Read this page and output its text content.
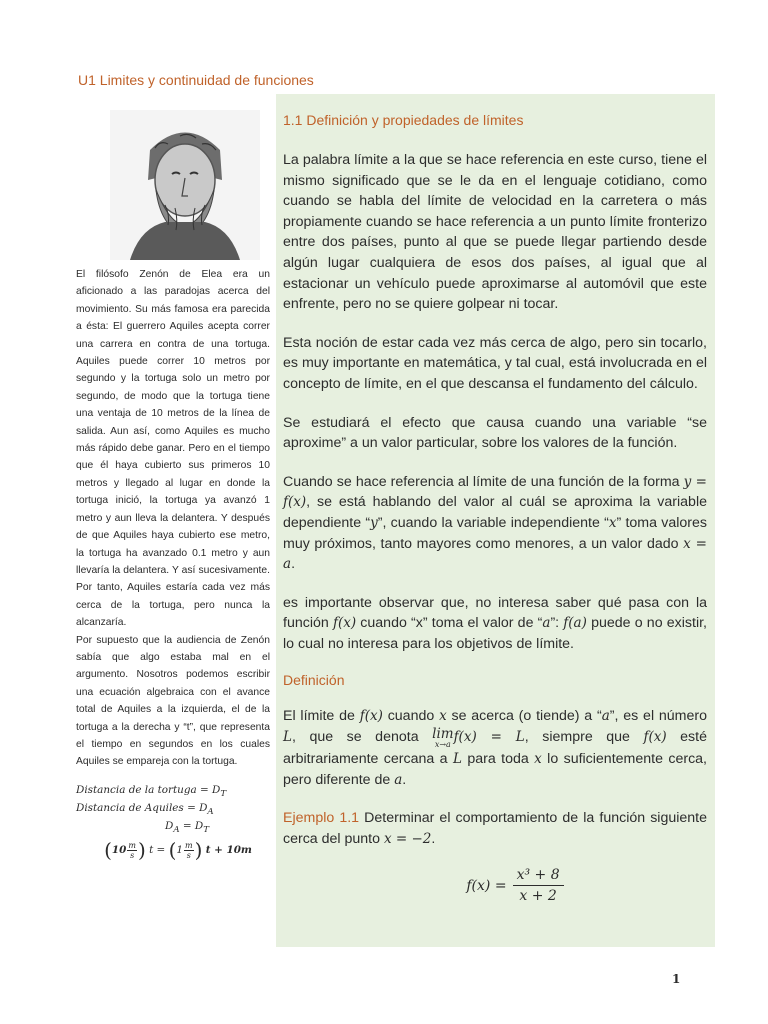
U1 Limites y continuidad de funciones

El filósofo Zenón de Elea era un aficionado a las paradojas acerca del movimiento. Su más famosa era parecida a ésta: El guerrero Aquiles acepta correr una carrera en contra de una tortuga. Aquiles puede correr 10 metros por segundo y la tortuga solo un metro por segundo, de modo que la tortuga tiene una ventaja de 10 metros de la línea de salida. Aun así, como Aquiles es mucho más rápido debe ganar. Pero en el tiempo que él haya cubierto sus primeros 10 metros y llegado al lugar en donde la tortuga inició, la tortuga ya avanzó 1 metro y aun lleva la delantera. Y después de que Aquiles haya cubierto ese metro, la tortuga ha avanzado 0.1 metro y aun llevaría la delantera. Y así sucesivamente. Por tanto, Aquiles estaría cada vez más cerca de la tortuga, pero nunca la alcanzaría.

Por supuesto que la audiencia de Zenón sabía que algo estaba mal en el argumento. Nosotros podemos escribir una ecuación algebraica con el avance total de Aquiles a la izquierda, el de la tortuga a la derecha y “t”, que representa el tiempo en segundos en los cuales Aquiles se empareja con la tortuga.

Distancia de la tortuga = $D_T$
Distancia de Aquiles = $D_A$
$D_A = D_T$
( $10 \frac{m}{s}$ )
t =
( $1 \frac{m}{s}$ )
t + 10m
1.1 Definición y propiedades de límites

La palabra límite a la que se hace referencia en este curso, tiene el mismo significado que se le da en el lenguaje cotidiano, como cuando se habla del límite de velocidad en la carretera o más propiamente cuando se hace referencia a un punto límite fronterizo entre dos países, punto al que se puede llegar partiendo desde algún lugar cualquiera de esos dos países, al igual que al estacionar un vehículo puede aproximarse al automóvil que este enfrente, pero no se quiere golpear ni tocar.

Esta noción de estar cada vez más cerca de algo, pero sin tocarlo, es muy importante en matemática, y tal cual, está involucrada en el concepto de límite, en el que descansa el fundamento del cálculo.

Se estudiará el efecto que causa cuando una variable “se aproxime” a un valor particular, sobre los valores de la función.

Cuando se hace referencia al límite de una función de la forma y = f(x), se está hablando del valor al cuál se aproxima la variable dependiente “y”, cuando la variable independiente “x” toma valores muy próximos, tanto mayores como menores, a un valor dado x = a.

es importante observar que, no interesa saber qué pasa con la función f(x) cuando “x” toma el valor de “a”: f(a) puede o no existir, lo cual no interesa para los objetivos de límite.

Definición

El límite de f(x) cuando x se acerca (o tiende) a “a”, es el número L, que se denota lim
x→a f(x) = L, siempre que f(x) esté arbitrariamente cercana a L para toda x lo suficientemente cerca, pero diferente de a.

Ejemplo 1.1 Determinar el comportamiento de la función siguiente cerca del punto x = −2.

$f(x) = \frac{\text{x³ + 8}}{x + 2}$
1
